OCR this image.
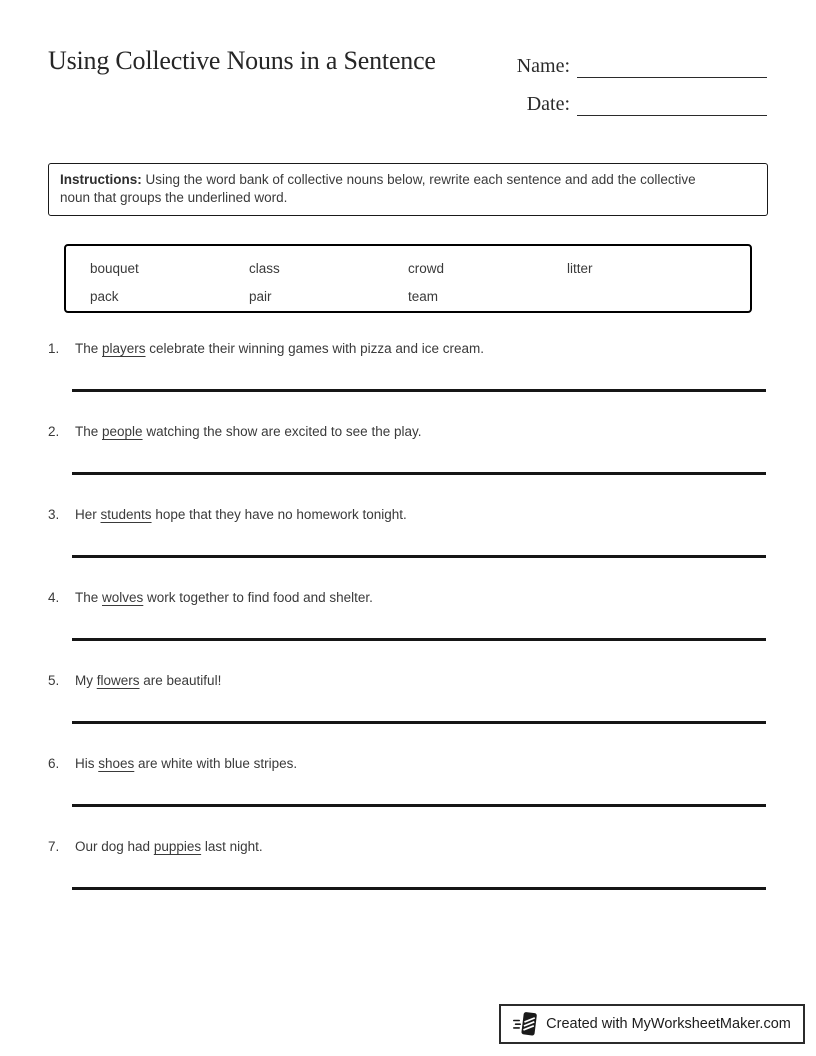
Using Collective Nouns in a Sentence	Name:
Date:

Instructions: Using the word bank of collective nouns below, rewrite each sentence and add the collective noun that groups the underlined word.

bouquet	class	crowd	litter
pack	pair	team
1. The players celebrate their winning games with pizza and ice cream.

2. The people watching the show are excited to see the play.

3. Her students hope that they have no homework tonight.

4. The wolves work together to find food and shelter.

5. My flowers are beautiful!

6. His shoes are white with blue stripes.

7. Our dog had puppies last night.

Created with MyWorksheetMaker.com
